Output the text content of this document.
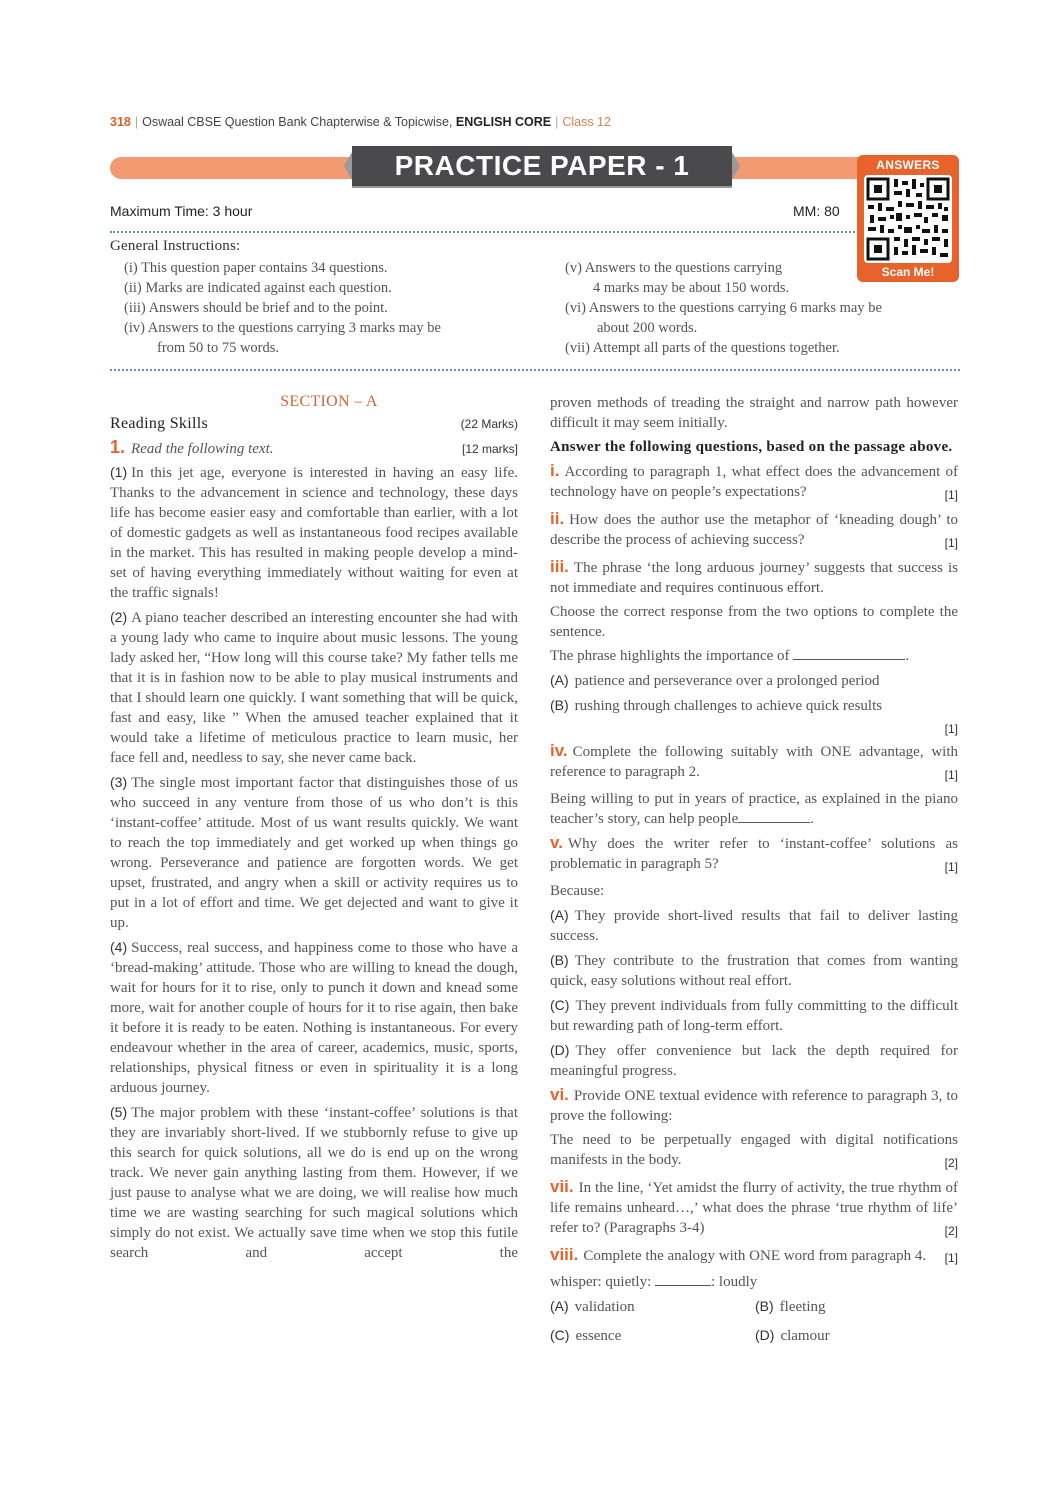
318 | Oswaal CBSE Question Bank Chapterwise & Topicwise, ENGLISH CORE | Class 12
PRACTICE PAPER - 1	ANSWERS
Scan Me!
Maximum Time: 3 hour	MM: 80
General Instructions:
(i) This question paper contains 34 questions.
(ii) Marks are indicated against each question.
(iii) Answers should be brief and to the point.
(iv) Answers to the questions carrying 3 marks may be
from 50 to 75 words.
(v) Answers to the questions carrying
4 marks may be about 150 words.
(vi) Answers to the questions carrying 6 marks may be
about 200 words.
(vii) Attempt all parts of the questions together.
SECTION – A
Reading Skills	(22 Marks)
1. Read the following text.	[12 marks]

(1) In this jet age, everyone is interested in having an easy life. Thanks to the advancement in science and technology, these days life has become easier easy and comfortable than earlier, with a lot of domestic gadgets as well as instantaneous food recipes available in the market. This has resulted in making people develop a mind-set of having everything immediately without waiting for even at the traffic signals!

(2) A piano teacher described an interesting encounter she had with a young lady who came to inquire about music lessons. The young lady asked her, “How long will this course take? My father tells me that it is in fashion now to be able to play musical instruments and that I should learn one quickly. I want something that will be quick, fast and easy, like ” When the amused teacher explained that it would take a lifetime of meticulous practice to learn music, her face fell and, needless to say, she never came back.

(3) The single most important factor that distinguishes those of us who succeed in any venture from those of us who don’t is this ‘instant-coffee’ attitude. Most of us want results quickly. We want to reach the top immediately and get worked up when things go wrong. Perseverance and patience are forgotten words. We get upset, frustrated, and angry when a skill or activity requires us to put in a lot of effort and time. We get dejected and want to give it up.

(4) Success, real success, and happiness come to those who have a ‘bread-making’ attitude. Those who are willing to knead the dough, wait for hours for it to rise, only to punch it down and knead some more, wait for another couple of hours for it to rise again, then bake it before it is ready to be eaten. Nothing is instantaneous. For every endeavour whether in the area of career, academics, music, sports, relationships, physical fitness or even in spirituality it is a long arduous journey.

(5) The major problem with these ‘instant-coffee’ solutions is that they are invariably short-lived. If we stubbornly refuse to give up this search for quick solutions, all we do is end up on the wrong track. We never gain anything lasting from them. However, if we just pause to analyse what we are doing, we will realise how much time we are wasting searching for such magical solutions which simply do not exist. We actually save time when we stop this futile search and accept the

proven methods of treading the straight and narrow path however difficult it may seem initially.

Answer the following questions, based on the passage above.
i. According to paragraph 1, what effect does the advancement of technology have on people’s expectations?	[1]
ii. How does the author use the metaphor of ‘kneading dough’ to describe the process of achieving success?	[1]
iii. The phrase ‘the long arduous journey’ suggests that success is not immediate and requires continuous effort.
Choose the correct response from the two options to complete the sentence.
The phrase highlights the importance of	.
(A) patience and perseverance over a prolonged period
(B) rushing through challenges to achieve quick results

[1]
iv. Complete the following suitably with ONE advantage, with reference to paragraph 2.	[1]
Being willing to put in years of practice, as explained in the piano teacher’s story, can help people	.
v. Why does the writer refer to ‘instant-coffee’ solutions as problematic in paragraph 5?	[1]
Because:
(A) They provide short-lived results that fail to deliver lasting success.
(B) They contribute to the frustration that comes from wanting quick, easy solutions without real effort.
(C) They prevent individuals from fully committing to the difficult but rewarding path of long-term effort.
(D) They offer convenience but lack the depth required for meaningful progress.
vi. Provide ONE textual evidence with reference to paragraph 3, to prove the following:
The need to be perpetually engaged with digital notifications manifests in the body.	[2]
vii. In the line, ‘Yet amidst the flurry of activity, the true rhythm of life remains unheard…,’ what does the phrase ‘true rhythm of life’ refer to? (Paragraphs 3-4)	[2]
viii. Complete the analogy with ONE word from paragraph 4. [1]
whisper: quietly:	: loudly
(A) validation	(B) fleeting
(C) essence	(D) clamour
